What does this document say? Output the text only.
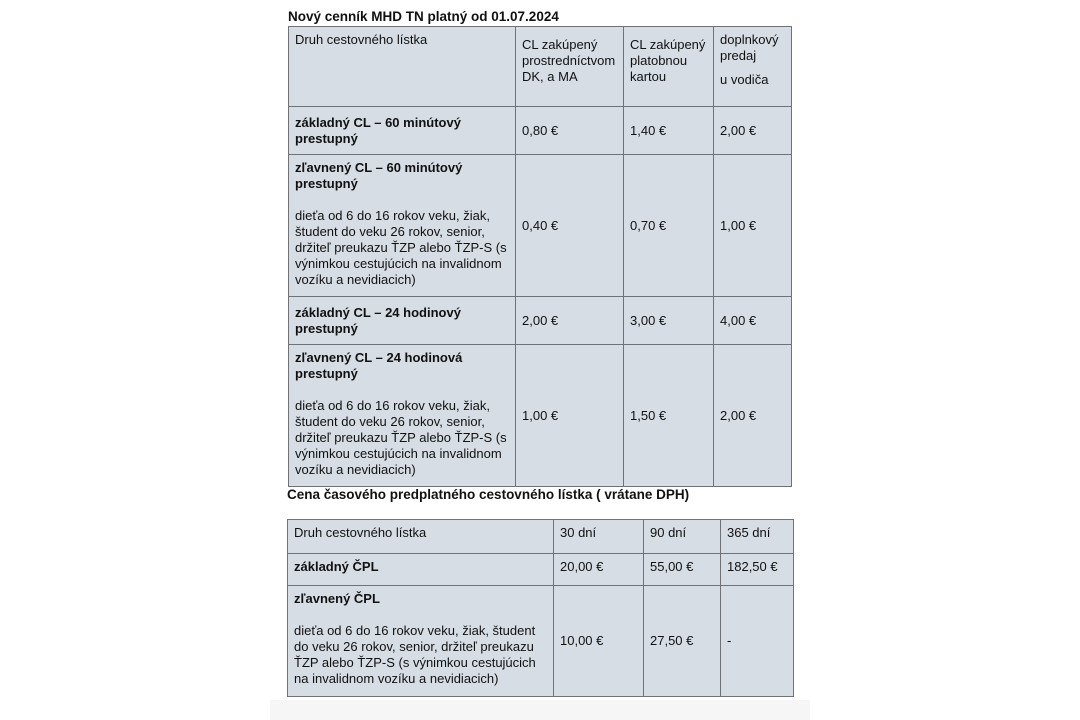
Nový cenník MHD TN platný od 01.07.2024
Druh cestovného lístka	CL zakúpený prostredníctvom DK, a MA	CL zakúpený platobnou kartou	doplnkový predaj
u vodiča

základný CL – 60 minútový prestupný	0,80 €	1,40 €	2,00 €

zľavnený CL – 60 minútový prestupný
dieťa od 6 do 16 rokov veku, žiak, študent do veku 26 rokov, senior, držiteľ preukazu ŤZP alebo ŤZP-S (s výnimkou cestujúcich na invalidnom vozíku a nevidiacich)	0,40 €	0,70 €	1,00 €

základný CL – 24 hodinový prestupný	2,00 €	3,00 €	4,00 €

zľavnený CL – 24 hodinová prestupný
dieťa od 6 do 16 rokov veku, žiak, študent do veku 26 rokov, senior, držiteľ preukazu ŤZP alebo ŤZP-S (s výnimkou cestujúcich na invalidnom vozíku a nevidiacich)	1,00 €	1,50 €	2,00 €
Cena časového predplatného cestovného lístka ( vrátane DPH)
Druh cestovného lístka	30 dní	90 dní	365 dní

základný ČPL	20,00 €	55,00 €	182,50 €

zľavnený ČPL
dieťa od 6 do 16 rokov veku, žiak, študent do veku 26 rokov, senior, držiteľ preukazu ŤZP alebo ŤZP-S (s výnimkou cestujúcich na invalidnom vozíku a nevidiacich)	10,00 €	27,50 €	-
